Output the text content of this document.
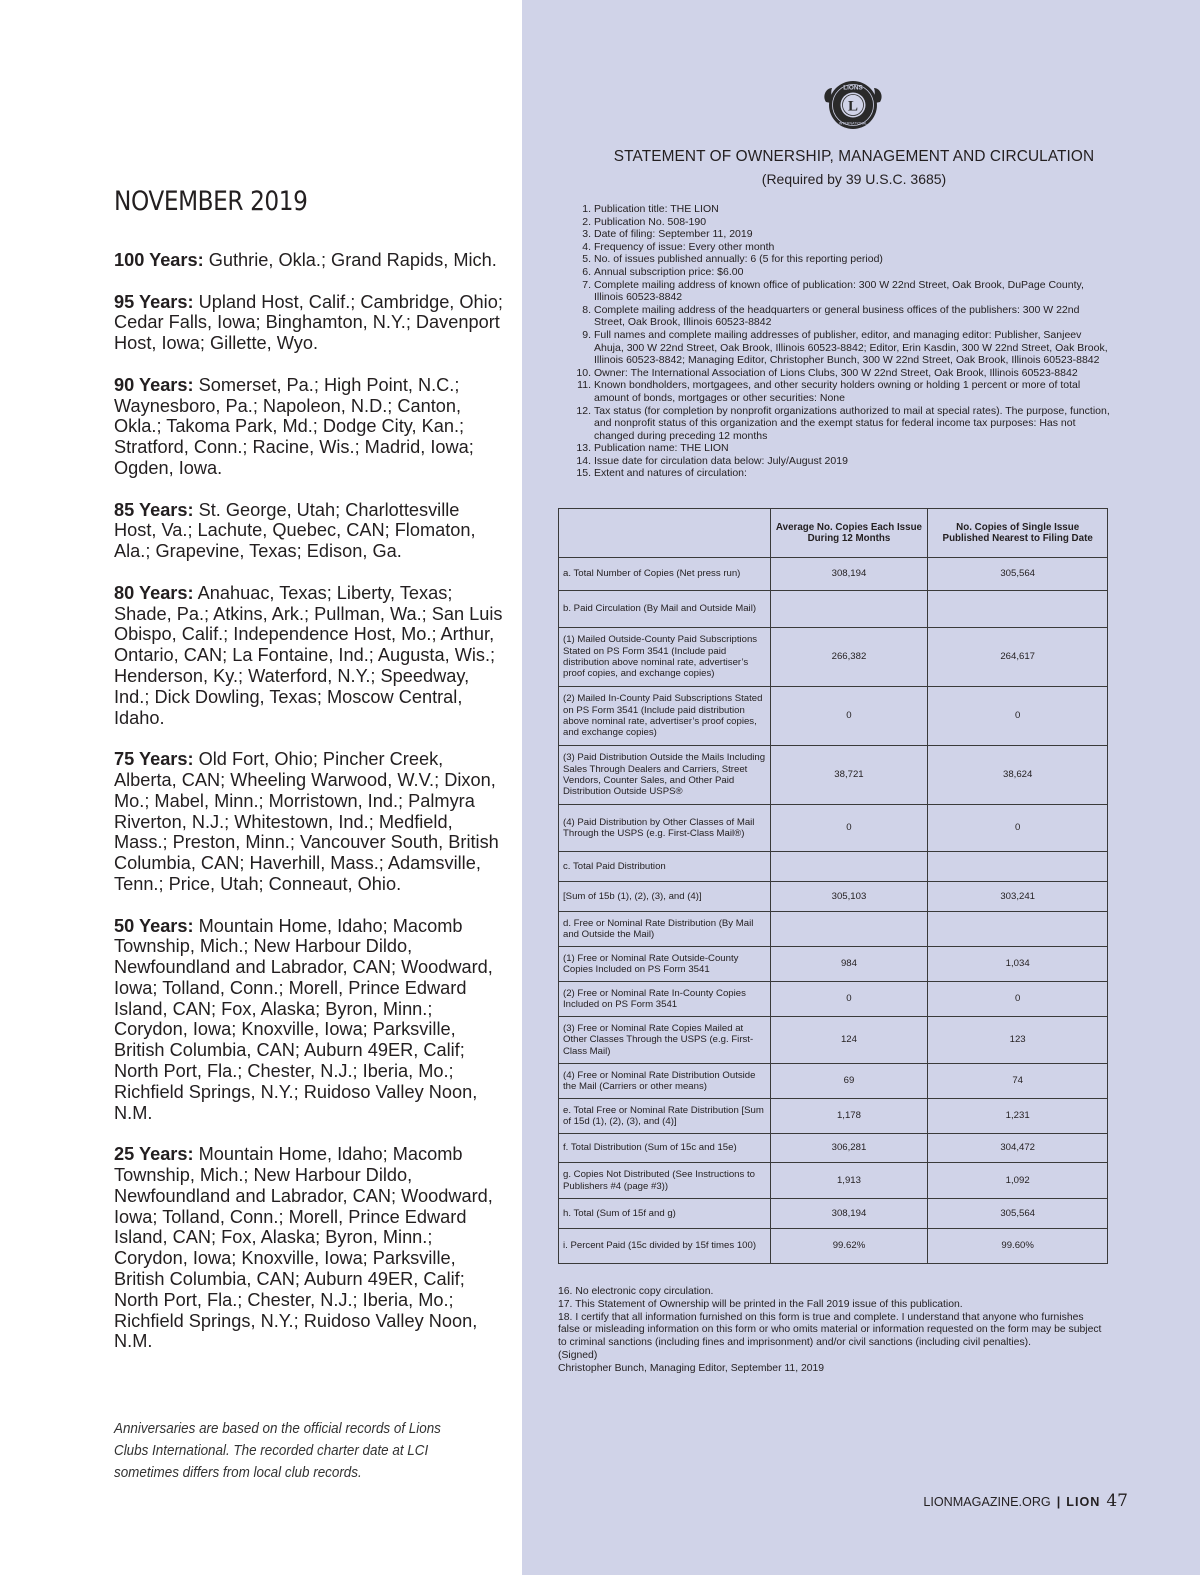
NOVEMBER 2019

100 Years: Guthrie, Okla.; Grand Rapids, Mich.

95 Years: Upland Host, Calif.; Cambridge, Ohio; Cedar Falls, Iowa; Binghamton, N.Y.; Davenport Host, Iowa; Gillette, Wyo.

90 Years: Somerset, Pa.; High Point, N.C.; Waynesboro, Pa.; Napoleon, N.D.; Canton, Okla.; Takoma Park, Md.; Dodge City, Kan.; Stratford, Conn.; Racine, Wis.; Madrid, Iowa; Ogden, Iowa.

85 Years: St. George, Utah; Charlottesville Host, Va.; Lachute, Quebec, CAN; Flomaton, Ala.; Grapevine, Texas; Edison, Ga.

80 Years: Anahuac, Texas; Liberty, Texas; Shade, Pa.; Atkins, Ark.; Pullman, Wa.; San Luis Obispo, Calif.; Independence Host, Mo.; Arthur, Ontario, CAN; La Fontaine, Ind.; Augusta, Wis.; Henderson, Ky.; Waterford, N.Y.; Speedway, Ind.; Dick Dowling, Texas; Moscow Central, Idaho.

75 Years: Old Fort, Ohio; Pincher Creek, Alberta, CAN; Wheeling Warwood, W.V.; Dixon, Mo.; Mabel, Minn.; Morristown, Ind.; Palmyra Riverton, N.J.; Whitestown, Ind.; Medfield, Mass.; Preston, Minn.; Vancouver South, British Columbia, CAN; Haverhill, Mass.; Adamsville, Tenn.; Price, Utah; Conneaut, Ohio.

50 Years: Mountain Home, Idaho; Macomb Township, Mich.; New Harbour Dildo, Newfoundland and Labrador, CAN; Woodward, Iowa; Tolland, Conn.; Morell, Prince Edward Island, CAN; Fox, Alaska; Byron, Minn.; Corydon, Iowa; Knoxville, Iowa; Parksville, British Columbia, CAN; Auburn 49ER, Calif; North Port, Fla.; Chester, N.J.; Iberia, Mo.; Richfield Springs, N.Y.; Ruidoso Valley Noon, N.M.

25 Years: Mountain Home, Idaho; Macomb Township, Mich.; New Harbour Dildo, Newfoundland and Labrador, CAN; Woodward, Iowa; Tolland, Conn.; Morell, Prince Edward Island, CAN; Fox, Alaska; Byron, Minn.; Corydon, Iowa; Knoxville, Iowa; Parksville, British Columbia, CAN; Auburn 49ER, Calif; North Port, Fla.; Chester, N.J.; Iberia, Mo.; Richfield Springs, N.Y.; Ruidoso Valley Noon, N.M.

Anniversaries are based on the official records of Lions Clubs International. The recorded charter date at LCI sometimes differs from local club records.

LIONS
L
INTERNATIONAL
STATEMENT OF OWNERSHIP, MANAGEMENT AND CIRCULATION

(Required by 39 U.S.C. 3685)

1. Publication title: THE LION
2. Publication No. 508-190
3. Date of filing: September 11, 2019
4. Frequency of issue: Every other month
5. No. of issues published annually: 6 (5 for this reporting period)
6. Annual subscription price: $6.00
7. Complete mailing address of known office of publication: 300 W 22nd Street, Oak Brook, DuPage County, Illinois 60523-8842
8. Complete mailing address of the headquarters or general business offices of the publishers: 300 W 22nd Street, Oak Brook, Illinois 60523-8842
9. Full names and complete mailing addresses of publisher, editor, and managing editor: Publisher, Sanjeev Ahuja, 300 W 22nd Street, Oak Brook, Illinois 60523-8842; Editor, Erin Kasdin, 300 W 22nd Street, Oak Brook, Illinois 60523-8842; Managing Editor, Christopher Bunch, 300 W 22nd Street, Oak Brook, Illinois 60523-8842
10. Owner: The International Association of Lions Clubs, 300 W 22nd Street, Oak Brook, Illinois 60523-8842
11. Known bondholders, mortgagees, and other security holders owning or holding 1 percent or more of total amount of bonds, mortgages or other securities: None
12. Tax status (for completion by nonprofit organizations authorized to mail at special rates). The purpose, function, and nonprofit status of this organization and the exempt status for federal income tax purposes: Has not changed during preceding 12 months
13. Publication name: THE LION
14. Issue date for circulation data below: July/August 2019
15. Extent and natures of circulation:
	Average No. Copies Each Issue During 12 Months	No. Copies of Single Issue Published Nearest to Filing Date
a. Total Number of Copies (Net press run)	308,194	305,564
b. Paid Circulation (By Mail and Outside Mail)		
(1) Mailed Outside-County Paid Subscriptions Stated on PS Form 3541 (Include paid distribution above nominal rate, advertiser’s proof copies, and exchange copies)	266,382	264,617
(2) Mailed In-County Paid Subscriptions Stated on PS Form 3541 (Include paid distribution above nominal rate, advertiser’s proof copies, and exchange copies)	0	0
(3) Paid Distribution Outside the Mails Including Sales Through Dealers and Carriers, Street Vendors, Counter Sales, and Other Paid Distribution Outside USPS®	38,721	38,624
(4) Paid Distribution by Other Classes of Mail Through the USPS (e.g. First-Class Mail®)	0	0
c. Total Paid Distribution		
[Sum of 15b (1), (2), (3), and (4)]	305,103	303,241
d. Free or Nominal Rate Distribution (By Mail and Outside the Mail)		
(1) Free or Nominal Rate Outside-County Copies Included on PS Form 3541	984	1,034
(2) Free or Nominal Rate In-County Copies Included on PS Form 3541	0	0
(3) Free or Nominal Rate Copies Mailed at Other Classes Through the USPS (e.g. First-Class Mail)	124	123
(4) Free or Nominal Rate Distribution Outside the Mail (Carriers or other means)	69	74
e. Total Free or Nominal Rate Distribution [Sum of 15d (1), (2), (3), and (4)]	1,178	1,231
f. Total Distribution (Sum of 15c and 15e)	306,281	304,472
g. Copies Not Distributed (See Instructions to Publishers #4 (page #3))	1,913	1,092
h. Total (Sum of 15f and g)	308,194	305,564
i. Percent Paid (15c divided by 15f times 100)	99.62%	99.60%

16. No electronic copy circulation.

17. This Statement of Ownership will be printed in the Fall 2019 issue of this publication.

18. I certify that all information furnished on this form is true and complete. I understand that anyone who furnishes false or misleading information on this form or who omits material or information requested on the form may be subject to criminal sanctions (including fines and imprisonment) and/or civil sanctions (including civil penalties).

(Signed)

Christopher Bunch, Managing Editor, September 11, 2019

LIONMAGAZINE.ORG | LION 47
